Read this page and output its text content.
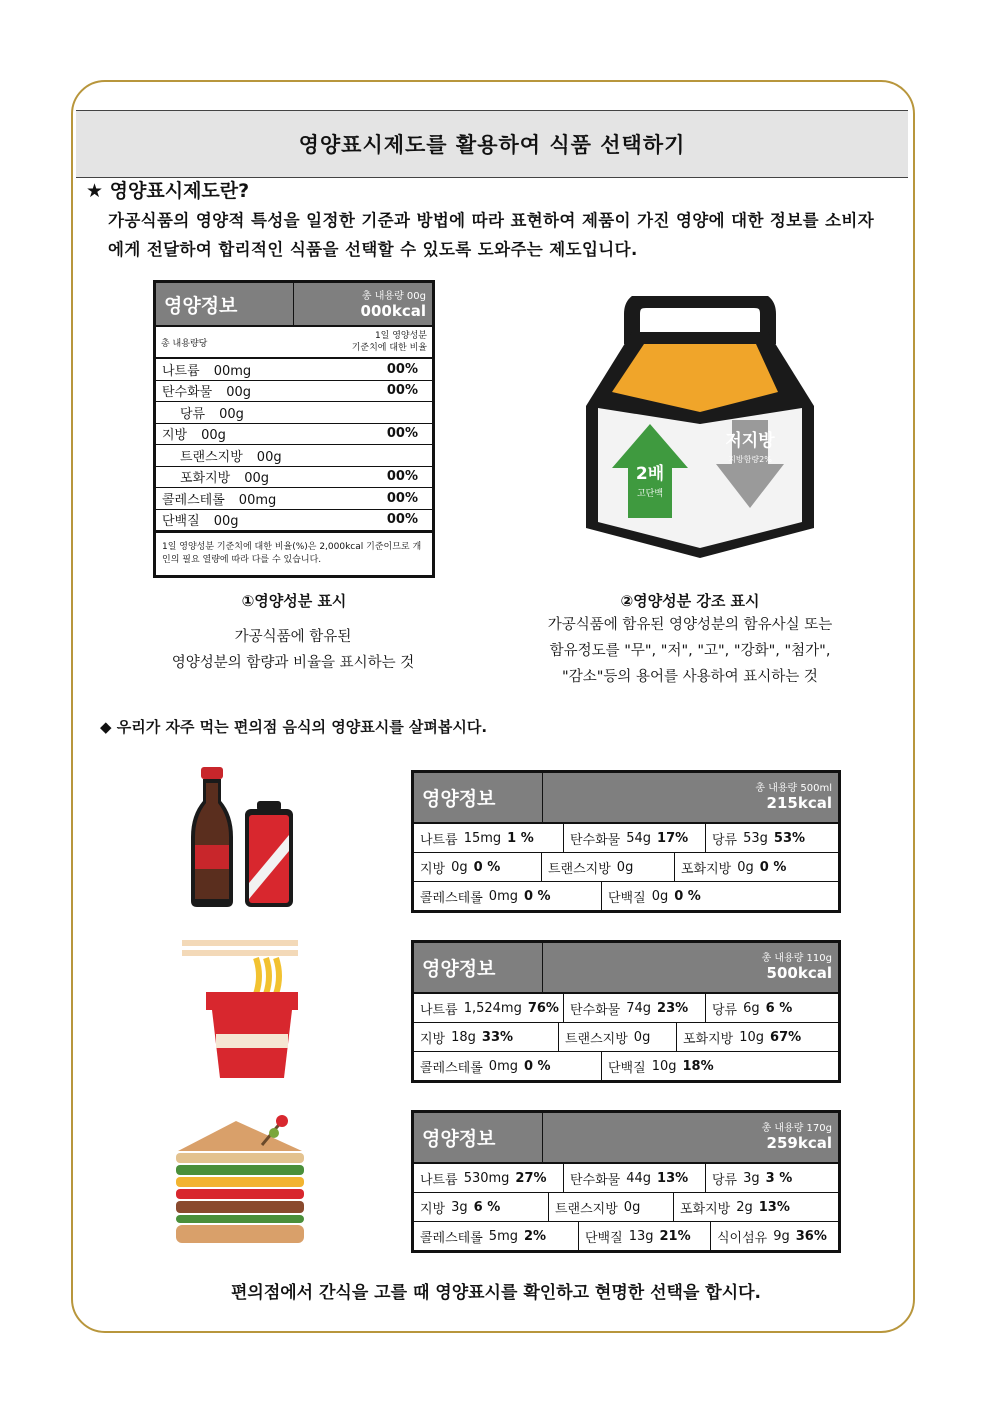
영양표시제도를 활용하여 식품 선택하기
★ 영양표시제도란?
가공식품의 영양적 특성을 일정한 기준과 방법에 따라 표현하여 제품이 가진 영양에 대한 정보를 소비자에게 전달하여 합리적인 식품을 선택할 수 있도록 도와주는 제도입니다.
영양정보	총 내용량 00g
000kcal
총 내용량당
1일 영양성분
기준치에 대한 비율
나트륨 00mg	00%
탄수화물 00g	00%
당류 00g
지방 00g	00%
트랜스지방 00g
포화지방 00g	00%
콜레스테롤 00mg	00%
단백질 00g	00%
1일 영양성분 기준치에 대한 비율(%)은 2,000kcal 기준이므로 개인의 필요 열량에 따라 다를 수 있습니다.
①영양성분 표시
가공식품에 함유된
영양성분의 함량과 비율을 표시하는 것
2배
고단백
저지방
지방함량2%
②영양성분 강조 표시
가공식품에 함유된 영양성분의 함유사실 또는
함유정도를 "무", "저", "고", "강화", "첨가",
"감소"등의 용어를 사용하여 표시하는 것
◆ 우리가 자주 먹는 편의점 음식의 영양표시를 살펴봅시다.
영양정보	총 내용량 500ml
215kcal
나트륨 15mg 1 %	탄수화물 54g 17% 당류 53g 53%
지방 0g 0 %	트랜스지방 0g	포화지방 0g 0 %
콜레스테롤 0mg 0 %	단백질 0g 0 %
영양정보	총 내용량 110g
500kcal
나트륨 1,524mg 76% 탄수화물 74g 23% 당류 6g 6 %
지방 18g 33%	트랜스지방 0g	포화지방 10g 67%
콜레스테롤 0mg 0 %	단백질 10g 18%
영양정보	총 내용량 170g
259kcal
나트륨 530mg 27% 탄수화물 44g 13% 당류 3g 3 %
지방 3g 6 %	트랜스지방 0g	포화지방 2g 13%
콜레스테롤 5mg 2%	단백질 13g 21% 식이섬유 9g 36%
편의점에서 간식을 고를 때 영양표시를 확인하고 현명한 선택을 합시다.
